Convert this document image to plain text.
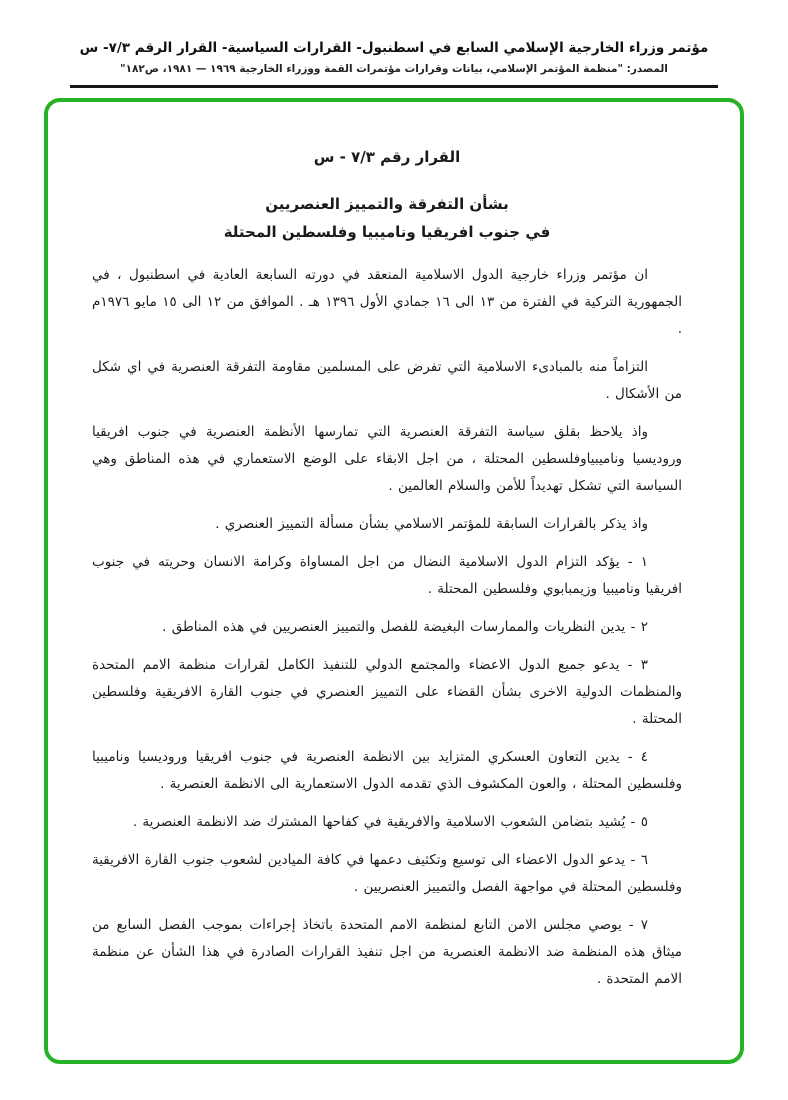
مؤتمر وزراء الخارجية الإسلامي السابع في اسطنبول- القرارات السياسية- القرار الرقم ٧/٣- س
المصدر: "منظمة المؤتمر الإسلامي، بيانات وقرارات مؤتمرات القمة ووزراء الخارجية ١٩٦٩ — ١٩٨١، ص١٨٢"
القرار رقم ٧/٣ - س
بشأن التفرقة والتمييز العنصريين
في جنوب افريقيا وناميبيا وفلسطين المحتلة

ان مؤتمر وزراء خارجية الدول الاسلامية المنعقد في دورته السابعة العادية في اسطنبول ، في الجمهورية التركية في الفترة من ١٣ الى ١٦ جمادي الأول ١٣٩٦ هـ . الموافق من ١٢ الى ١٥ مايو ١٩٧٦م .

التزاماً منه بالمبادىء الاسلامية التي تفرض على المسلمين مقاومة التفرقة العنصرية في اي شكل من الأشكال .

واذ يلاحظ بقلق سياسة التفرقة العنصرية التي تمارسها الأنظمة العنصرية في جنوب افريقيا وروديسيا وناميبياوفلسطين المحتلة ، من اجل الابقاء على الوضع الاستعماري في هذه المناطق وهي السياسة التي تشكل تهديداً للأمن والسلام العالمين .

واذ يذكر بالقرارات السابقة للمؤتمر الاسلامي بشأن مسألة التمييز العنصري .

١ - يؤكد التزام الدول الاسلامية النضال من اجل المساواة وكرامة الانسان وحريته في جنوب افريقيا وناميبيا وزيمبابوي وفلسطين المحتلة .

٢ - يدين النظريات والممارسات البغيضة للفصل والتمييز العنصريين في هذه المناطق .

٣ - يدعو جميع الدول الاعضاء والمجتمع الدولي للتنفيذ الكامل لقرارات منظمة الامم المتحدة والمنظمات الدولية الاخرى بشأن القضاء على التمييز العنصري في جنوب القارة الافريقية وفلسطين المحتلة .

٤ - يدين التعاون العسكري المتزايد بين الانظمة العنصرية في جنوب افريقيا وروديسيا وناميبيا وفلسطين المحتلة ، والعون المكشوف الذي تقدمه الدول الاستعمارية الى الانظمة العنصرية .

٥ - يُشيد بتضامن الشعوب الاسلامية والافريقية في كفاحها المشترك ضد الانظمة العنصرية .

٦ - يدعو الدول الاعضاء الى توسيع وتكثيف دعمها في كافة الميادين لشعوب جنوب القارة الافريقية وفلسطين المحتلة في مواجهة الفصل والتمييز العنصريين .

٧ - يوصي مجلس الامن التابع لمنظمة الامم المتحدة باتخاذ إجراءات بموجب الفصل السابع من ميثاق هذه المنظمة ضد الانظمة العنصرية من اجل تنفيذ القرارات الصادرة في هذا الشأن عن منظمة الامم المتحدة .
